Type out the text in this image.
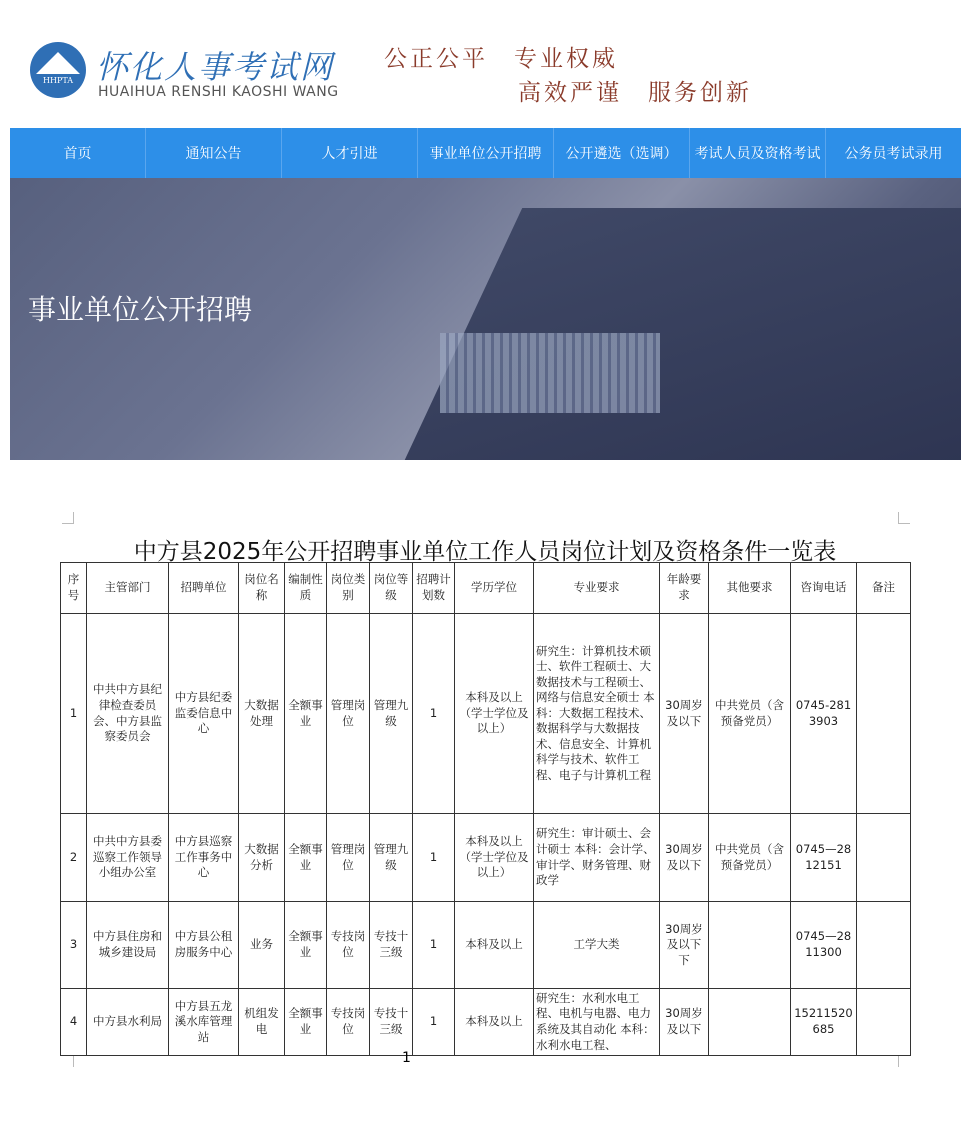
HHPTA 怀化人事考试网
HUAIHUA RENSHI KAOSHI WANG
公正公平　专业权威
高效严谨　服务创新
首页	通知公告	人才引进	事业单位公开招聘	公开遴选（选调）	考试人员及资格考试	公务员考试录用
事业单位公开招聘
中方县2025年公开招聘事业单位工作人员岗位计划及资格条件一览表
序号	主管部门	招聘单位	岗位名称	编制性质	岗位类别	岗位等级	招聘计划数	学历学位	专业要求	年龄要求	其他要求	咨询电话	备注
1	中共中方县纪律检查委员会、中方县监察委员会	中方县纪委监委信息中心	大数据处理	全额事业	管理岗位	管理九级	1	本科及以上（学士学位及以上）	研究生：计算机技术硕士、软件工程硕士、大数据技术与工程硕士、网络与信息安全硕士 本科：大数据工程技术、数据科学与大数据技术、信息安全、计算机科学与技术、软件工程、电子与计算机工程	30周岁及以下	中共党员（含预备党员）	0745-2813903	
2	中共中方县委巡察工作领导小组办公室	中方县巡察工作事务中心	大数据分析	全额事业	管理岗位	管理九级	1	本科及以上（学士学位及以上）	研究生：审计硕士、会计硕士 本科：会计学、审计学、财务管理、财政学	30周岁及以下	中共党员（含预备党员）	0745—2812151	
3	中方县住房和城乡建设局	中方县公租房服务中心	业务	全额事业	专技岗位	专技十三级	1	本科及以上	工学大类	30周岁及以下下		0745—2811300	
4	中方县水利局	中方县五龙溪水库管理站	机组发电	全额事业	专技岗位	专技十三级	1	本科及以上	研究生：水利水电工程、电机与电器、电力系统及其自动化 本科：水利水电工程、	30周岁及以下		15211520685	
1
